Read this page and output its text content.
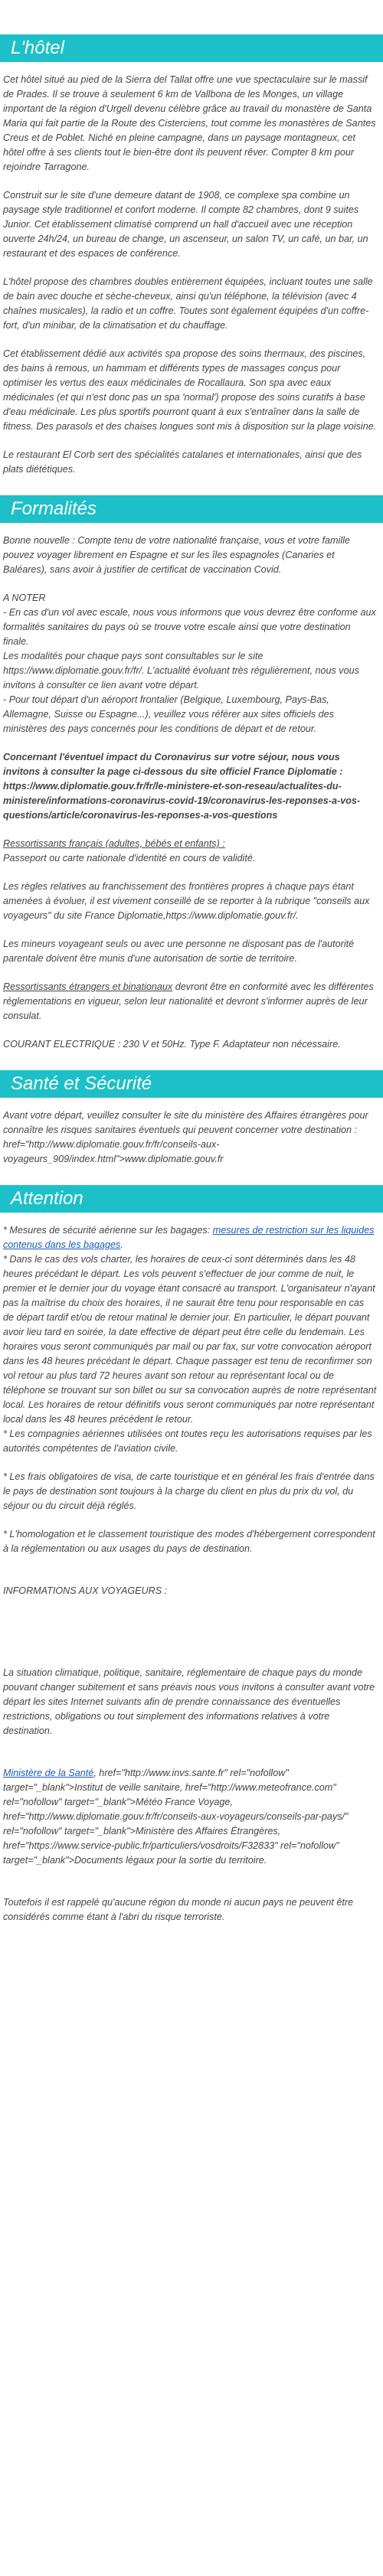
L'hôtel

Cet hôtel situé au pied de la Sierra del Tallat offre une vue spectaculaire sur le massif de Prades. Il se trouve à seulement 6 km de Vallbona de les Monges, un village important de la région d'Urgell devenu célèbre grâce au travail du monastère de Santa Maria qui fait partie de la Route des Cisterciens, tout comme les monastères de Santes Creus et de Poblet. Niché en pleine campagne, dans un paysage montagneux, cet hôtel offre à ses clients tout le bien-être dont ils peuvent rêver. Compter 8 km pour rejoindre Tarragone.

Construit sur le site d'une demeure datant de 1908, ce complexe spa combine un paysage style traditionnel et confort moderne. Il compte 82 chambres, dont 9 suites Junior. Cet établissement climatisé comprend un hall d'accueil avec une réception ouverte 24h/24, un bureau de change, un ascenseur, un salon TV, un café, un bar, un restaurant et des espaces de conférence.

L'hôtel propose des chambres doubles entièrement équipées, incluant toutes une salle de bain avec douche et sèche-cheveux, ainsi qu'un téléphone, la télévision (avec 4 chaînes musicales), la radio et un coffre. Toutes sont également équipées d'un coffre-fort, d'un minibar, de la climatisation et du chauffage.

Cet établissement dédié aux activités spa propose des soins thermaux, des piscines, des bains à remous, un hammam et différents types de massages conçus pour optimiser les vertus des eaux médicinales de Rocallaura. Son spa avec eaux médicinales (et qui n'est donc pas un spa 'normal') propose des soins curatifs à base d'eau médicinale. Les plus sportifs pourront quant à eux s'entraîner dans la salle de fitness. Des parasols et des chaises longues sont mis à disposition sur la plage voisine.

Le restaurant El Corb sert des spécialités catalanes et internationales, ainsi que des plats diététiques.

Formalités

Bonne nouvelle : Compte tenu de votre nationalité française, vous et votre famille pouvez voyager librement en Espagne et sur les îles espagnoles (Canaries et Baléares), sans avoir à justifier de certificat de vaccination Covid.

A NOTER
- En cas d'un vol avec escale, nous vous informons que vous devrez être conforme aux formalités sanitaires du pays où se trouve votre escale ainsi que votre destination finale.
Les modalités pour chaque pays sont consultables sur le site https://www.diplomatie.gouv.fr/fr/. L'actualité évoluant très régulièrement, nous vous invitons à consulter ce lien avant votre départ.
- Pour tout départ d'un aéroport frontalier (Belgique, Luxembourg, Pays-Bas, Allemagne, Suisse ou Espagne...), veuillez vous référer aux sites officiels des ministères des pays concernés pour les conditions de départ et de retour.

Concernant l'éventuel impact du Coronavirus sur votre séjour, nous vous invitons à consulter la page ci-dessous du site officiel France Diplomatie : https://www.diplomatie.gouv.fr/fr/le-ministere-et-son-reseau/actualites-du-ministere/informations-coronavirus-covid-19/coronavirus-les-reponses-a-vos-questions/article/coronavirus-les-reponses-a-vos-questions

Ressortissants français (adultes, bébés et enfants) :
Passeport ou carte nationale d'identité en cours de validité.

Les règles relatives au franchissement des frontières propres à chaque pays étant amenées à évoluer, il est vivement conseillé de se reporter à la rubrique "conseils aux voyageurs" du site France Diplomatie,https://www.diplomatie.gouv.fr/.

Les mineurs voyageant seuls ou avec une personne ne disposant pas de l'autorité parentale doivent être munis d'une autorisation de sortie de territoire.

Ressortissants étrangers et binationaux devront être en conformité avec les différentes réglementations en vigueur, selon leur nationalité et devront s'informer auprès de leur consulat.

COURANT ELECTRIQUE : 230 V et 50Hz. Type F. Adaptateur non nécessaire.

Santé et Sécurité

Avant votre départ, veuillez consulter le site du ministère des Affaires étrangères pour connaître les risques sanitaires éventuels qui peuvent concerner votre destination : href="http://www.diplomatie.gouv.fr/fr/conseils-aux-voyageurs_909/index.html">www.diplomatie.gouv.fr

Attention

* Mesures de sécurité aérienne sur les bagages: mesures de restriction sur les liquides contenus dans les bagages.
* Dans le cas des vols charter, les horaires de ceux-ci sont déterminés dans les 48 heures précédant le départ. Les vols peuvent s'effectuer de jour comme de nuit, le premier et le dernier jour du voyage étant consacré au transport. L'organisateur n'ayant pas la maîtrise du choix des horaires, il ne saurait être tenu pour responsable en cas de départ tardif et/ou de retour matinal le dernier jour. En particulier, le départ pouvant avoir lieu tard en soirée, la date effective de départ peut être celle du lendemain. Les horaires vous seront communiqués par mail ou par fax, sur votre convocation aéroport dans les 48 heures précédant le départ. Chaque passager est tenu de reconfirmer son vol retour au plus tard 72 heures avant son retour au représentant local ou de téléphone se trouvant sur son billet ou sur sa convocation auprès de notre représentant local. Les horaires de retour définitifs vous seront communiqués par notre représentant local dans les 48 heures précédent le retour.
* Les compagnies aériennes utilisées ont toutes reçu les autorisations requises par les autorités compétentes de l'aviation civile.

* Les frais obligatoires de visa, de carte touristique et en général les frais d'entrée dans le pays de destination sont toujours à la charge du client en plus du prix du vol, du séjour ou du circuit déjà réglés.

* L'homologation et le classement touristique des modes d'hébergement correspondent à la réglementation ou aux usages du pays de destination.

INFORMATIONS AUX VOYAGEURS :

La situation climatique, politique, sanitaire, réglementaire de chaque pays du monde pouvant changer subitement et sans préavis nous vous invitons à consulter avant votre départ les sites Internet suivants afin de prendre connaissance des éventuelles restrictions, obligations ou tout simplement des informations relatives à votre destination.

Ministère de la Santé, href="http://www.invs.sante.fr" rel="nofollow" target="_blank">Institut de veille sanitaire, href="http://www.meteofrance.com" rel="nofollow" target="_blank">Météo France Voyage, href="http://www.diplomatie.gouv.fr/fr/conseils-aux-voyageurs/conseils-par-pays/" rel="nofollow" target="_blank">Ministère des Affaires Étrangères, href="https://www.service-public.fr/particuliers/vosdroits/F32833" rel="nofollow" target="_blank">Documents légaux pour la sortie du territoire.

Toutefois il est rappelé qu'aucune région du monde ni aucun pays ne peuvent être considérés comme étant à l'abri du risque terroriste.
